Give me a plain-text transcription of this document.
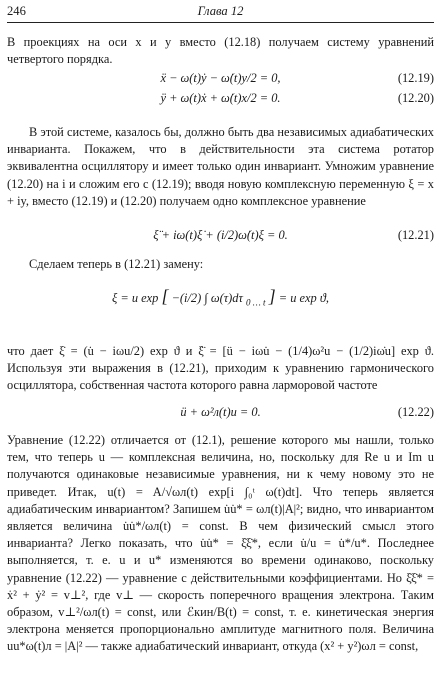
246	Глава 12
В проекциях на оси x и y вместо (12.18) получаем систему уравнений четвертого порядка.
ẍ − ω(t)ẏ − ω̇(t)y/2 = 0,	(12.19)
ÿ + ω(t)ẋ + ω̇(t)x/2 = 0.	(12.20)
В этой системе, казалось бы, должно быть два независимых адиабатических инварианта. Покажем, что в действительности эта система ротатор эквивалентна осциллятору и имеет только один инвариант. Умножим уравнение (12.20) на i и сложим его с (12.19); вводя новую комплексную переменную ξ = x + iy, вместо (12.19) и (12.20) получаем одно комплексное уравнение
ξ̈ + iω(t)ξ̇ + (i/2)ω̇(t)ξ = 0.	(12.21)
Сделаем теперь в (12.21) замену:
ξ = u exp [ −(i/2) ∫ ω(τ)dτ $_{0 \dots t}$ ] = u exp ϑ,
что дает ξ̇ = (u̇ − iωu/2) exp ϑ и ξ̈ = [ü − iωu̇ − (1/4)ω²u − (1/2)iω̇u] exp ϑ. Используя эти выражения в (12.21), приходим к уравнению гармонического осциллятора, собственная частота которого равна ларморовой частоте
ü + ω²л(t)u = 0.	(12.22)
Уравнение (12.22) отличается от (12.1), решение которого мы нашли, только тем, что теперь u — комплексная величина, но, поскольку для Re u и Im u получаются одинаковые независимые уравнения, ни к чему новому это не приведет. Итак, u(t) = A/√ωл(t) exp[i ∫₀ᵗ ω(t)dt]. Что теперь является адиабатическим инвариантом? Запишем u̇u̇* = ωл(t)|A|²; видно, что инвариантом является величина u̇u̇*/ωл(t) = const. В чем физический смысл этого инварианта? Легко показать, что u̇u̇* = ξ̇ξ̇*, если u̇/u = u̇*/u*. Последнее выполняется, т. е. u и u* изменяются во времени одинаково, поскольку уравнение (12.22) — уравнение с действительными коэффициентами. Но ξ̇ξ̇* = ẋ² + ẏ² = v⊥², где v⊥ — скорость поперечного вращения электрона. Таким образом, v⊥²/ωл(t) = const, или ℰкин/B(t) = const, т. е. кинетическая энергия электрона меняется пропорционально амплитуде магнитного поля. Величина uu*ω(t)л = |A|² — также адиабатический инвариант, откуда (x² + y²)ωл = const,
